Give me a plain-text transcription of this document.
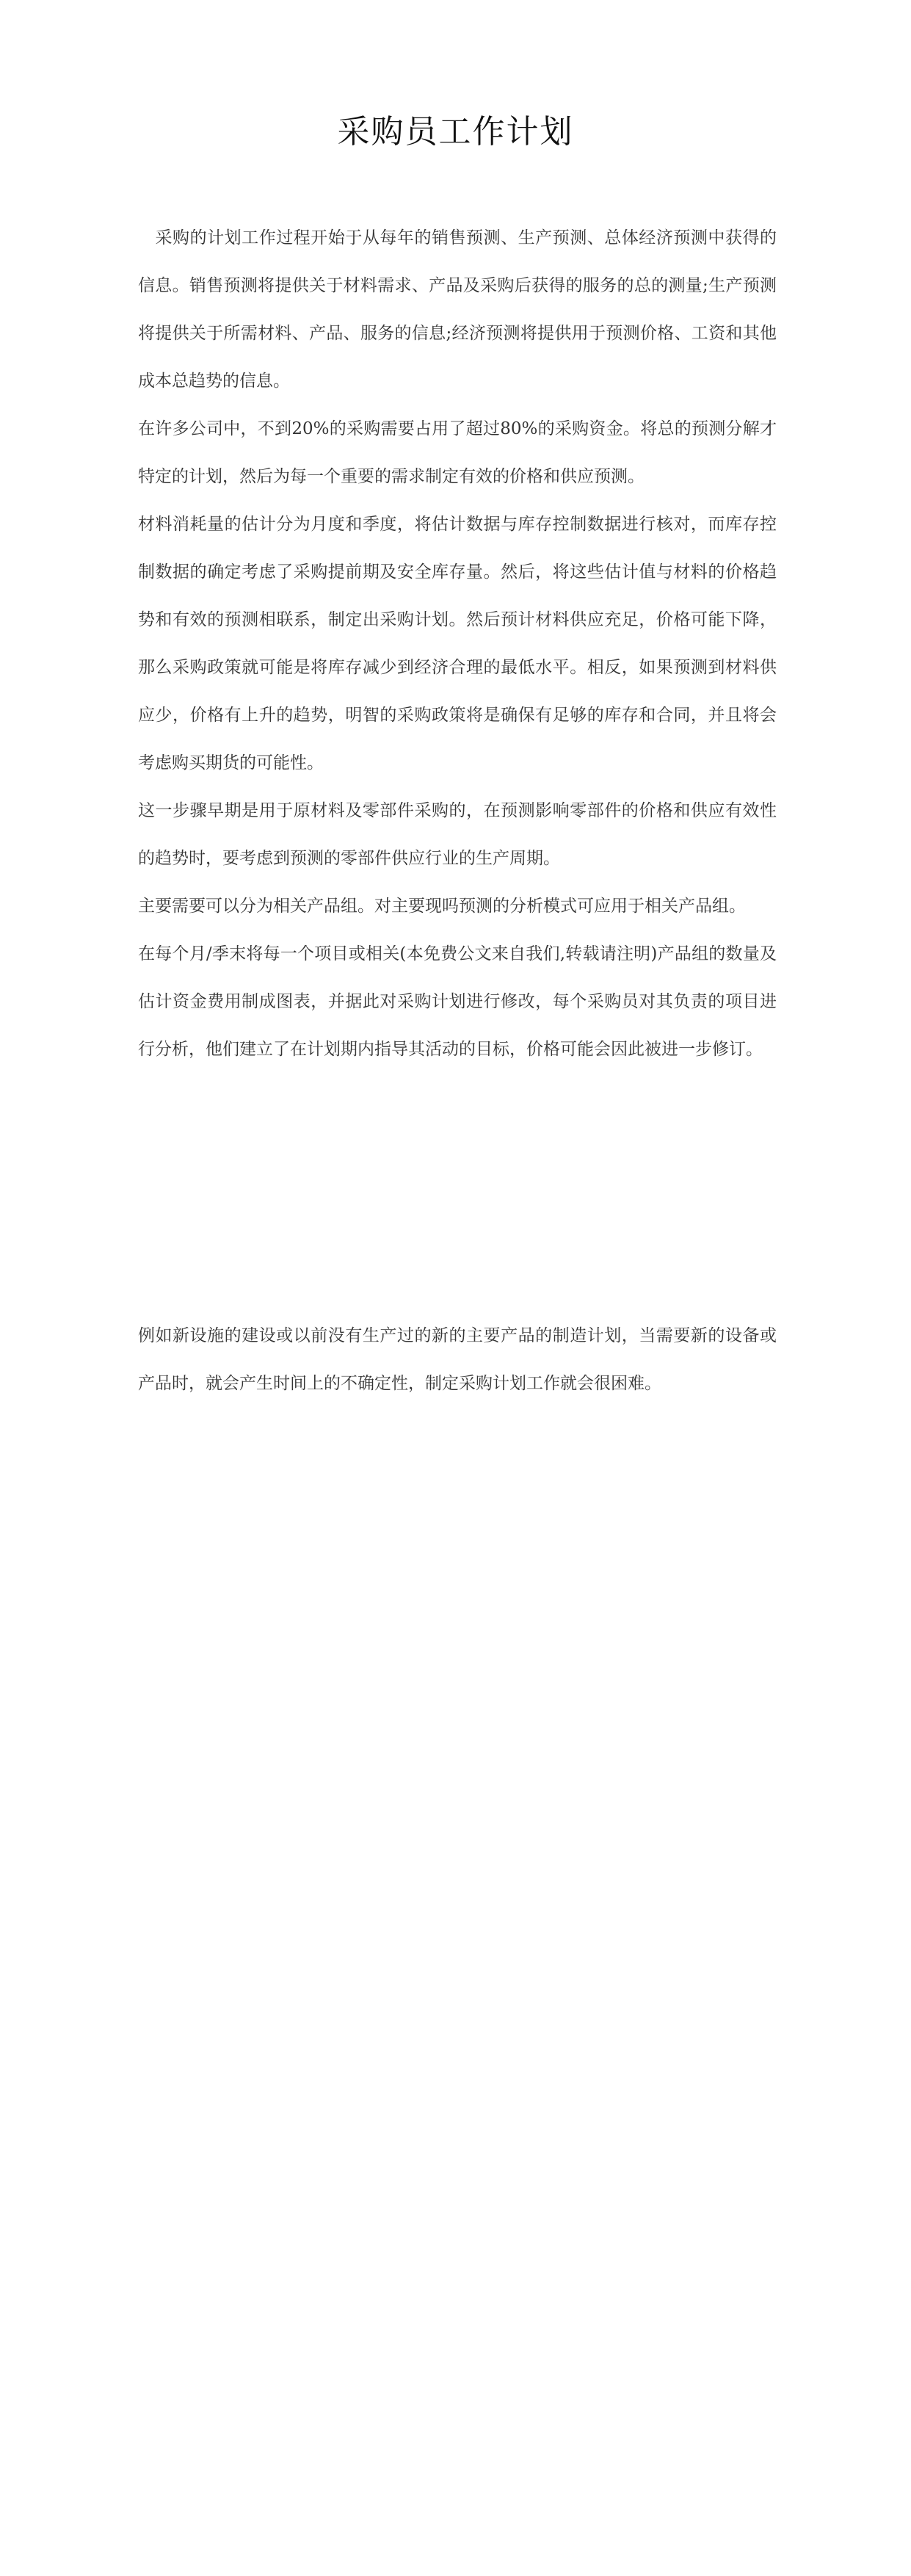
采购员工作计划

　采购的计划工作过程开始于从每年的销售预测、生产预测、总体经济预测中获得的信息。销售预测将提供关于材料需求、产品及采购后获得的服务的总的测量;生产预测将提供关于所需材料、产品、服务的信息;经济预测将提供用于预测价格、工资和其他成本总趋势的信息。

在许多公司中，不到20%的采购需要占用了超过80%的采购资金。将总的预测分解才特定的计划，然后为每一个重要的需求制定有效的价格和供应预测。

材料消耗量的估计分为月度和季度，将估计数据与库存控制数据进行核对，而库存控制数据的确定考虑了采购提前期及安全库存量。然后，将这些估计值与材料的价格趋势和有效的预测相联系，制定出采购计划。然后预计材料供应充足，价格可能下降，那么采购政策就可能是将库存减少到经济合理的最低水平。相反，如果预测到材料供应少，价格有上升的趋势，明智的采购政策将是确保有足够的库存和合同，并且将会考虑购买期货的可能性。

这一步骤早期是用于原材料及零部件采购的，在预测影响零部件的价格和供应有效性的趋势时，要考虑到预测的零部件供应行业的生产周期。

主要需要可以分为相关产品组。对主要现吗预测的分析模式可应用于相关产品组。

在每个月/季末将每一个项目或相关(本免费公文来自我们,转载请注明)产品组的数量及估计资金费用制成图表，并据此对采购计划进行修改，每个采购员对其负责的项目进行分析，他们建立了在计划期内指导其活动的目标，价格可能会因此被进一步修订。

例如新设施的建设或以前没有生产过的新的主要产品的制造计划，当需要新的设备或产品时，就会产生时间上的不确定性，制定采购计划工作就会很困难。
